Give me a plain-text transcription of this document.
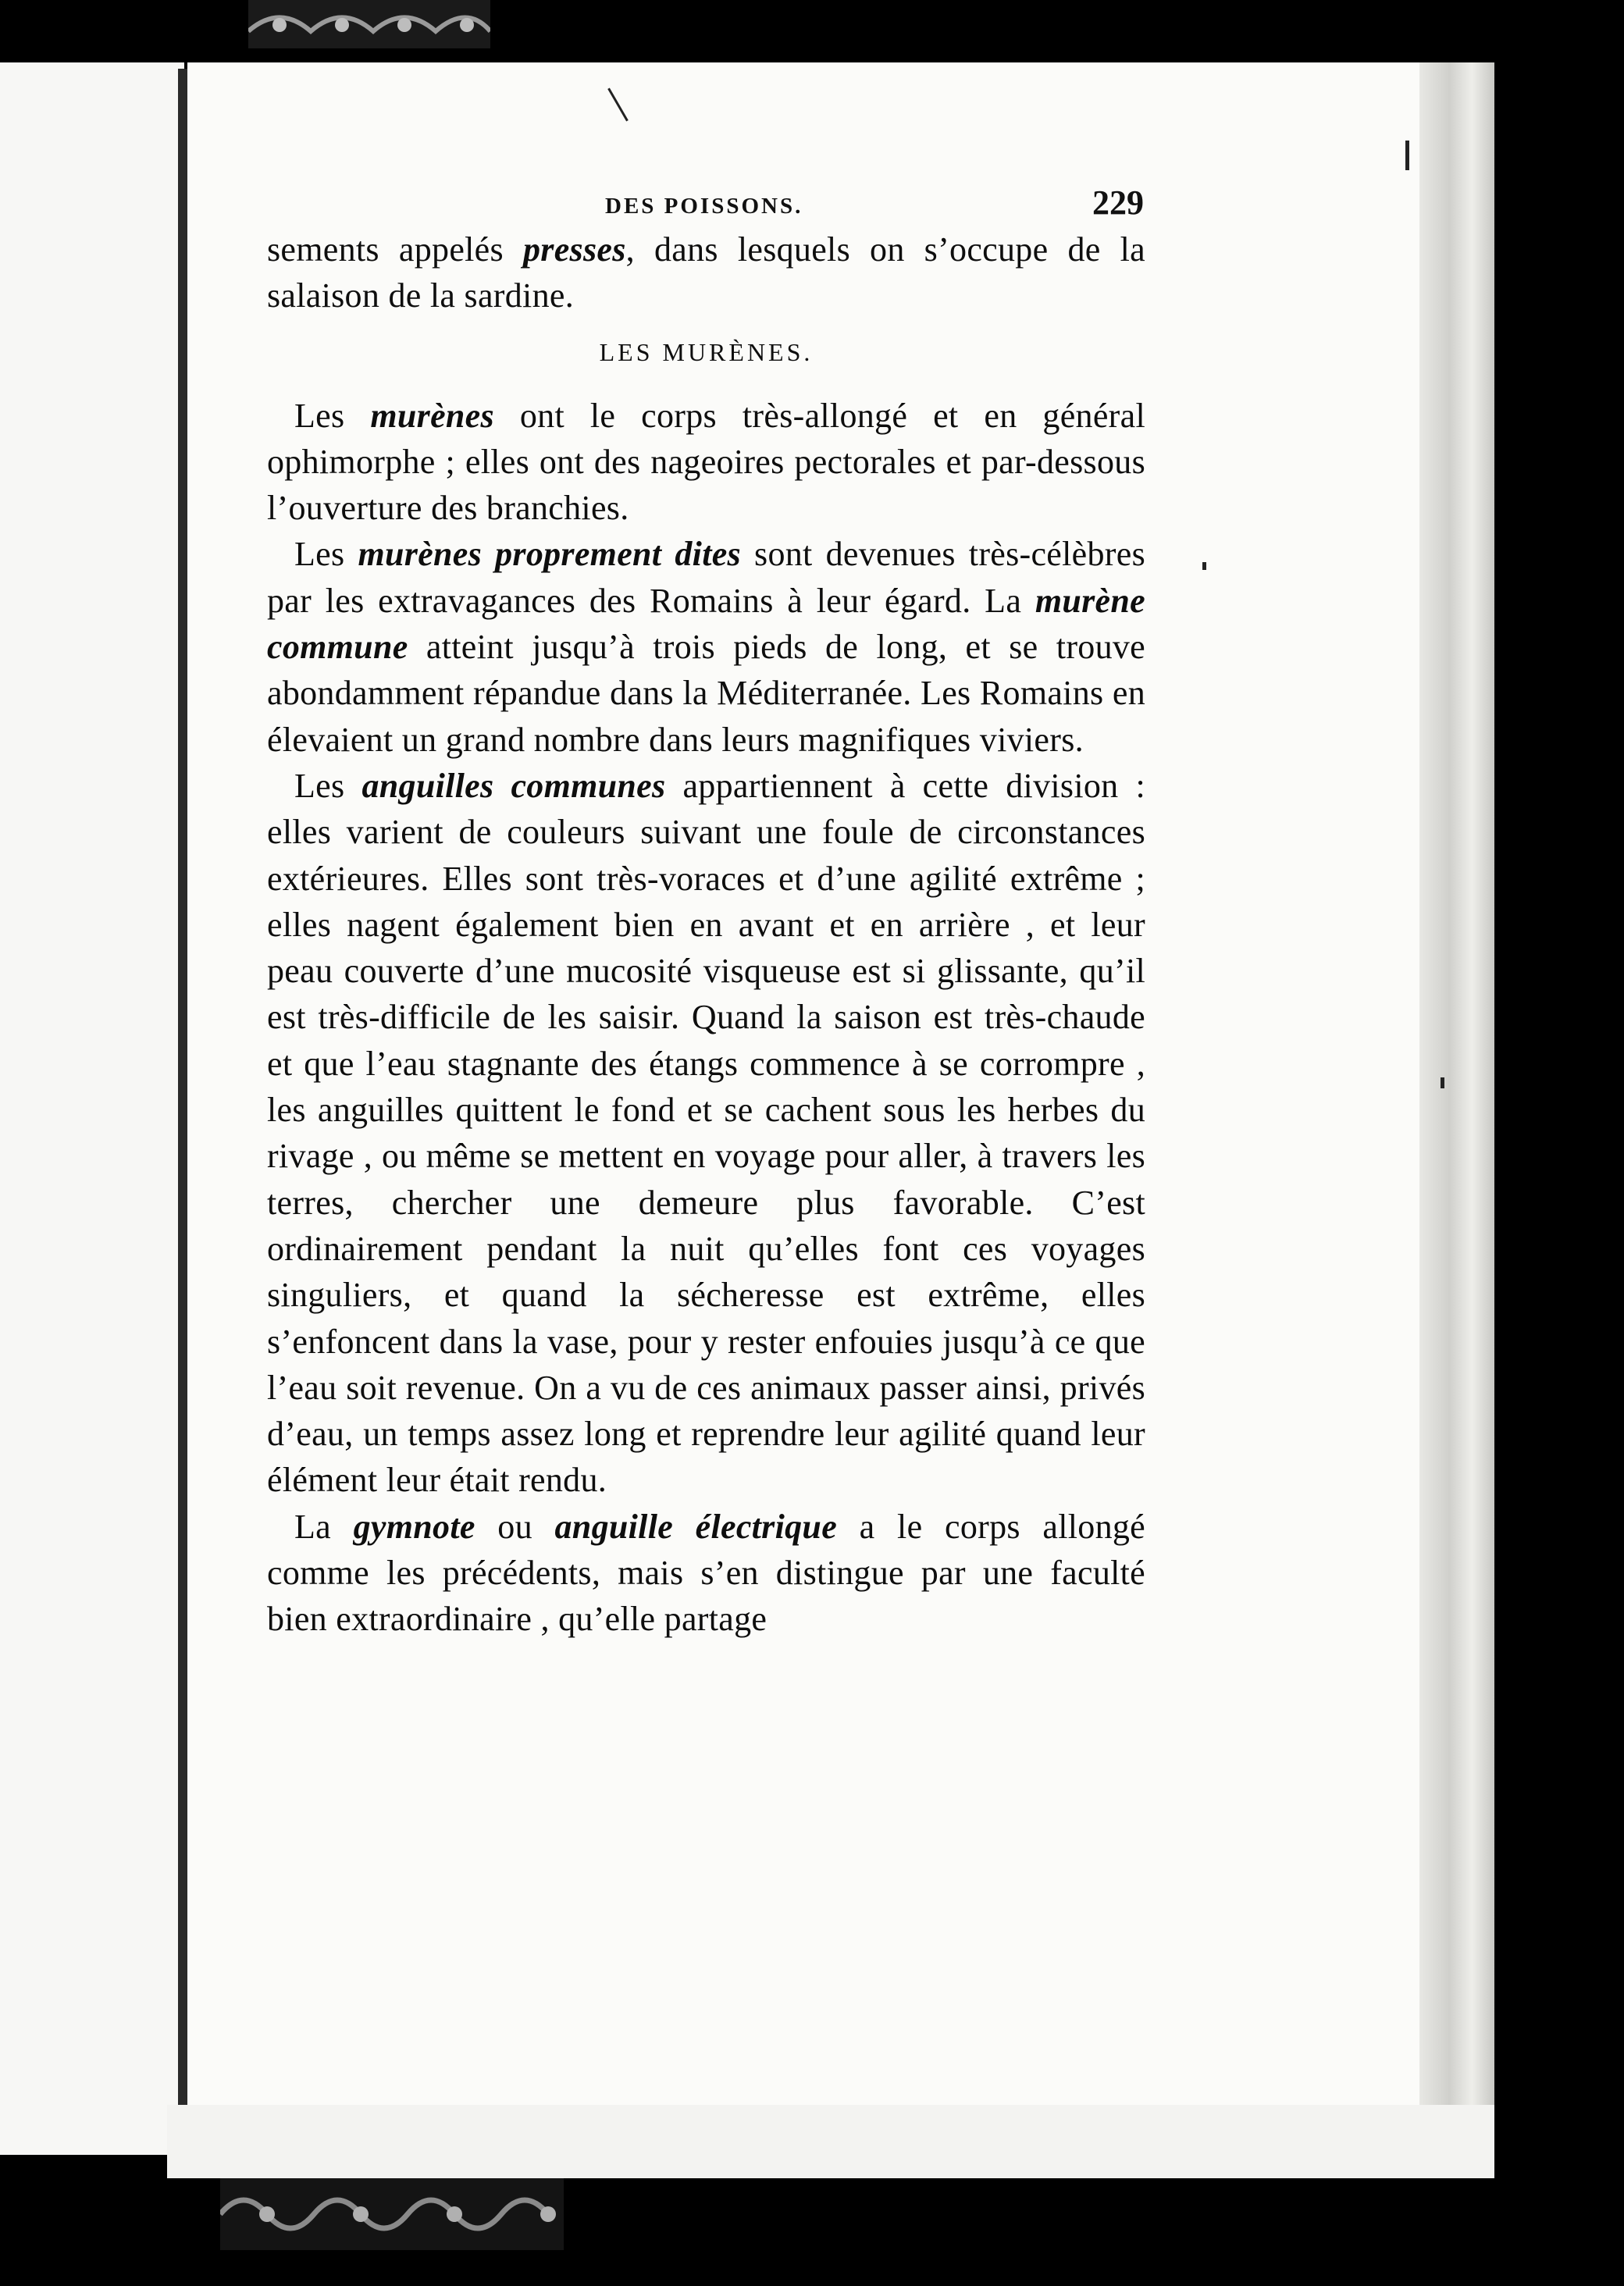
DES POISSONS.	229

sements appelés presses, dans lesquels on s’occupe de la salaison de la sardine.

LES MURÈNES.

Les murènes ont le corps très-allongé et en général ophimorphe ; elles ont des nageoires pectorales et par-dessous l’ouverture des branchies.

Les murènes proprement dites sont devenues très-célèbres par les extravagances des Romains à leur égard. La murène commune atteint jusqu’à trois pieds de long, et se trouve abondamment répandue dans la Méditerranée. Les Romains en élevaient un grand nombre dans leurs magnifiques viviers.

Les anguilles communes appartiennent à cette division : elles varient de couleurs suivant une foule de circonstances extérieures. Elles sont très-voraces et d’une agilité extrême ; elles nagent également bien en avant et en arrière , et leur peau couverte d’une mucosité visqueuse est si glissante, qu’il est très-difficile de les saisir. Quand la saison est très-chaude et que l’eau stagnante des étangs commence à se corrompre , les anguilles quittent le fond et se cachent sous les herbes du rivage , ou même se mettent en voyage pour aller, à travers les terres, chercher une demeure plus favorable. C’est ordinairement pendant la nuit qu’elles font ces voyages singuliers, et quand la sécheresse est extrême, elles s’enfoncent dans la vase, pour y rester enfouies jusqu’à ce que l’eau soit revenue. On a vu de ces animaux passer ainsi, privés d’eau, un temps assez long et reprendre leur agilité quand leur élément leur était rendu.

La gymnote ou anguille électrique a le corps allongé comme les précédents, mais s’en distingue par une faculté bien extraordinaire , qu’elle partage
